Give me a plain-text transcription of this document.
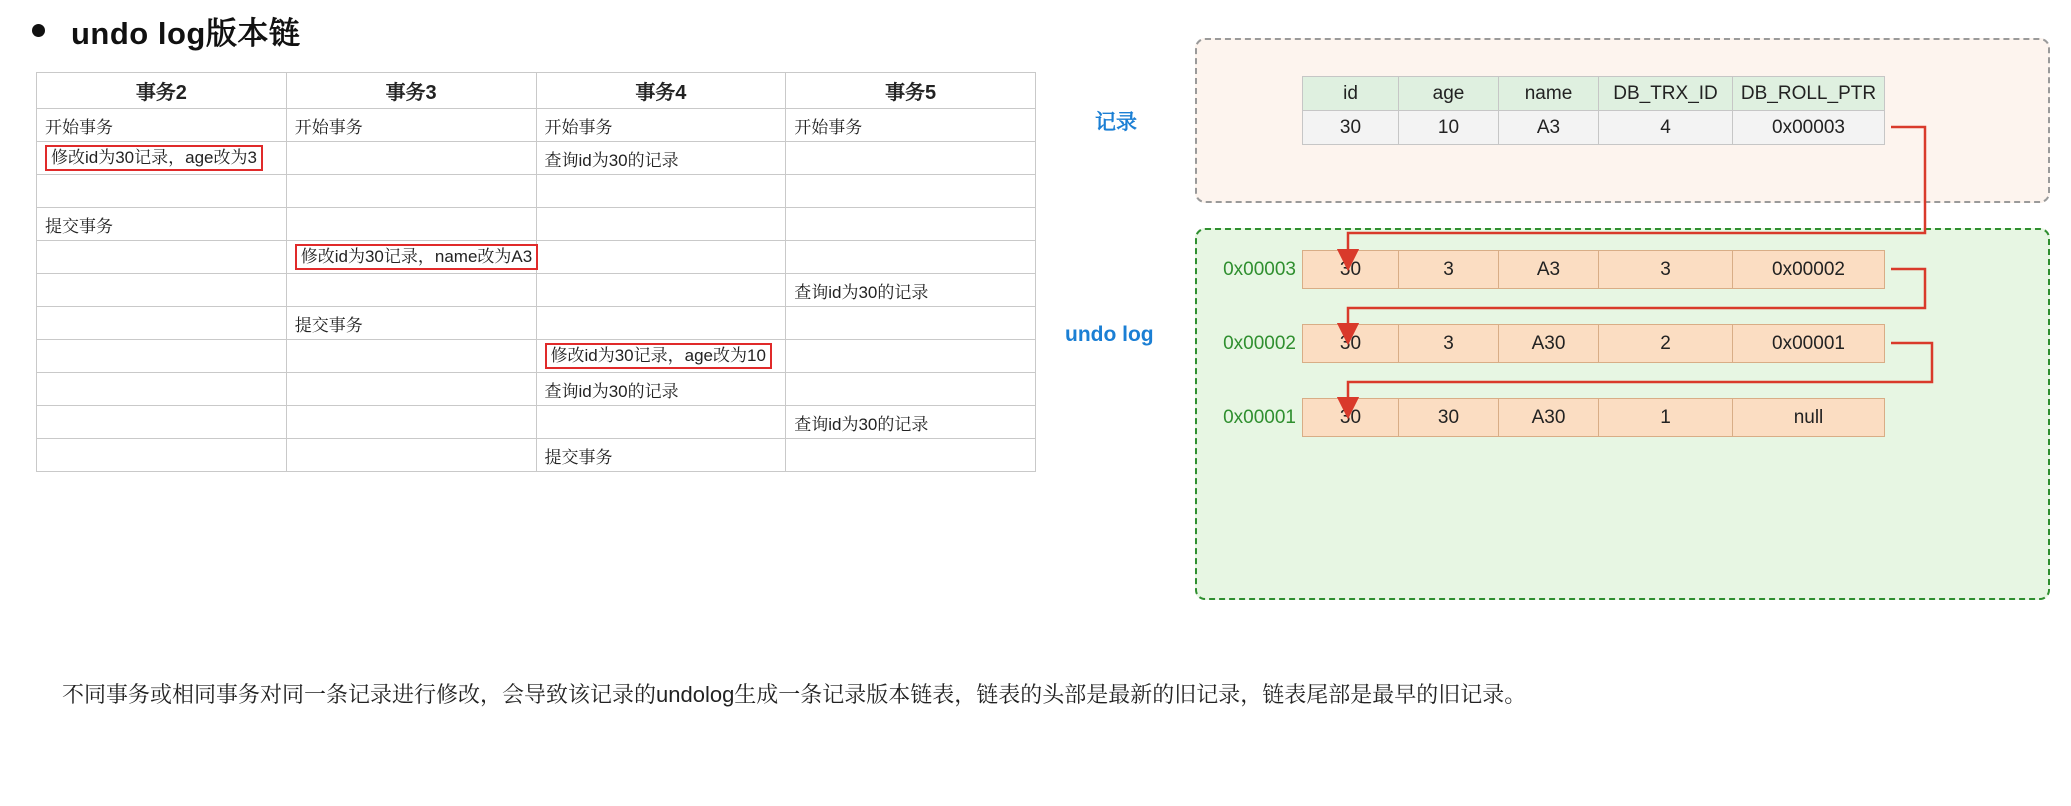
undo log版本链
事务2	事务3	事务4	事务5
开始事务	开始事务	开始事务	开始事务
修改id为30记录，age改为3		查询id为30的记录	

提交事务			
	修改id为30记录，name改为A3		
			查询id为30的记录
	提交事务		
		修改id为30记录，age改为10	
		查询id为30的记录	
			查询id为30的记录
		提交事务	
记录
undo log
id	age	name	DB_TRX_ID	DB_ROLL_PTR
30	10	A3	4	0x00003
0x00003 30	3	A3	3	0x00002
0x00002 30	3	A30	2	0x00001
0x00001 30	30	A30	1	null
不同事务或相同事务对同一条记录进行修改，会导致该记录的undolog生成一条记录版本链表，链表的头部是最新的旧记录，链表尾部是最早的旧记录。
